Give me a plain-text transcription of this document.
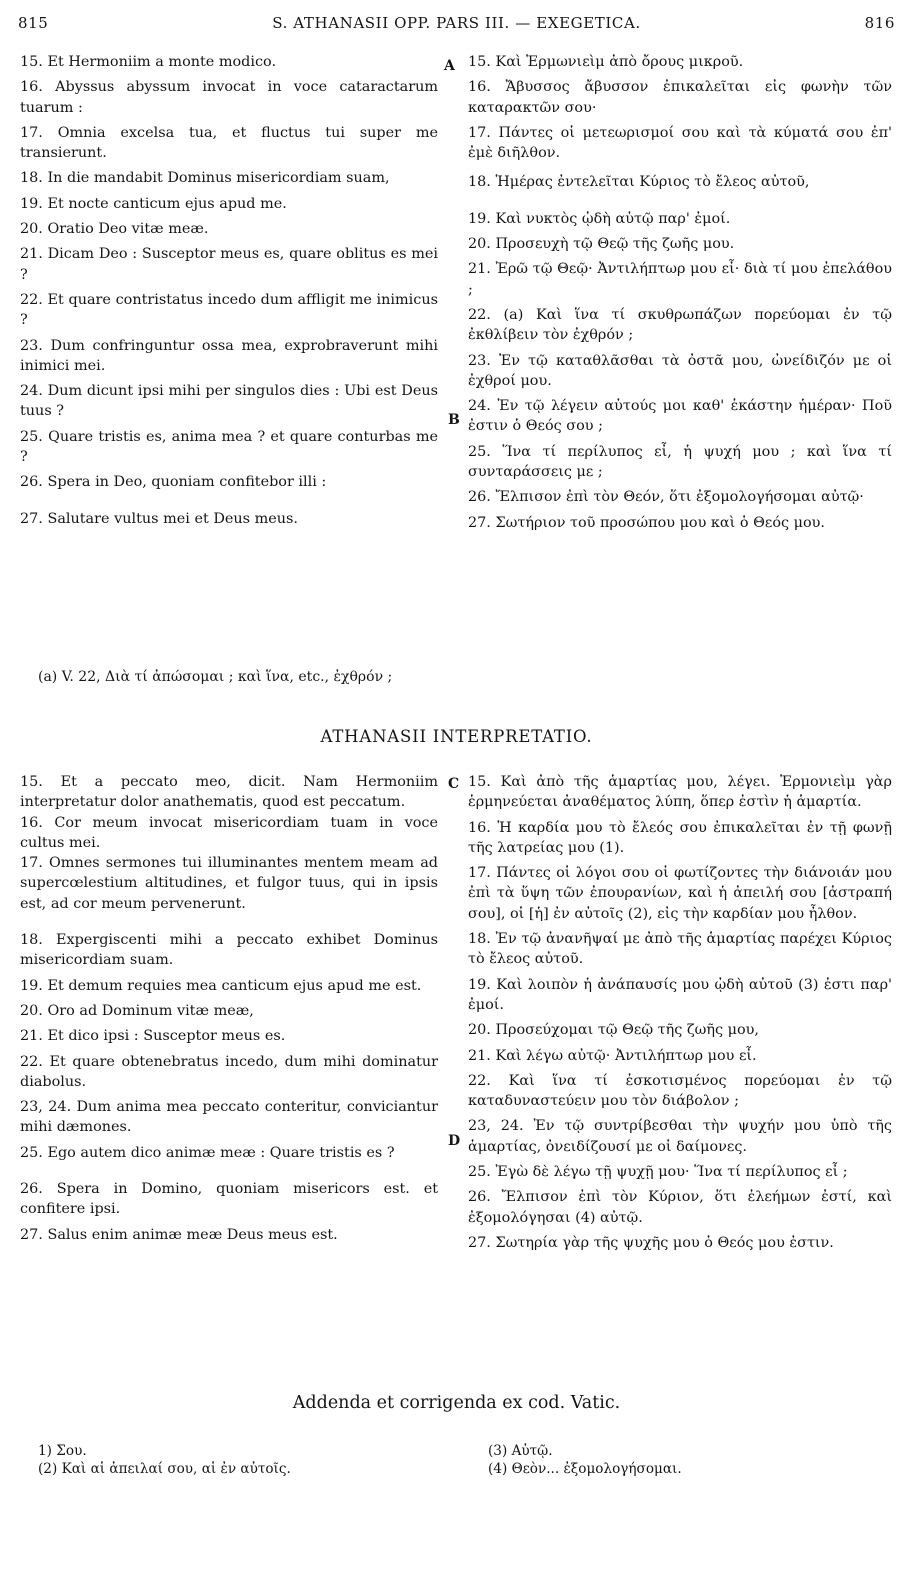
815	S. ATHANASII OPP. PARS III. — EXEGETICA.	816
A
B
C
D

15. Et Hermoniim a monte modico.

16. Abyssus abyssum invocat in voce cataractarum tuarum :

17. Omnia excelsa tua, et fluctus tui super me transierunt.

18. In die mandabit Dominus misericordiam suam,

19. Et nocte canticum ejus apud me.

20. Oratio Deo vitæ meæ.

21. Dicam Deo : Susceptor meus es, quare oblitus es mei ?

22. Et quare contristatus incedo dum affligit me inimicus ?

23. Dum confringuntur ossa mea, exprobraverunt mihi inimici mei.

24. Dum dicunt ipsi mihi per singulos dies : Ubi est Deus tuus ?

25. Quare tristis es, anima mea ? et quare conturbas me ?

26. Spera in Deo, quoniam confitebor illi :

27. Salutare vultus mei et Deus meus.

15. Καὶ Ἑρμωνιεὶμ ἀπὸ ὄρους μικροῦ.

16. Ἄβυσσος ἄβυσσον ἐπικαλεῖται εἰς φωνὴν τῶν καταρακτῶν σου·

17. Πάντες οἱ μετεωρισμοί σου καὶ τὰ κύματά σου ἐπ' ἐμὲ διῆλθον.

18. Ἡμέρας ἐντελεῖται Κύριος τὸ ἔλεος αὐτοῦ,

19. Καὶ νυκτὸς ᾠδὴ αὐτῷ παρ' ἐμοί.

20. Προσευχὴ τῷ Θεῷ τῆς ζωῆς μου.

21. Ἐρῶ τῷ Θεῷ· Ἀντιλήπτωρ μου εἶ· διὰ τί μου ἐπελάθου ;

22. (a) Καὶ ἵνα τί σκυθρωπάζων πορεύομαι ἐν τῷ ἐκθλίβειν τὸν ἐχθρόν ;

23. Ἐν τῷ καταθλᾶσθαι τὰ ὀστᾶ μου, ὠνείδιζόν με οἱ ἐχθροί μου.

24. Ἐν τῷ λέγειν αὐτούς μοι καθ' ἑκάστην ἡμέραν· Ποῦ ἐστιν ὁ Θεός σου ;

25. Ἵνα τί περίλυπος εἶ, ἡ ψυχή μου ; καὶ ἵνα τί συνταράσσεις με ;

26. Ἔλπισον ἐπὶ τὸν Θεόν, ὅτι ἐξομολογήσομαι αὐτῷ·

27. Σωτήριον τοῦ προσώπου μου καὶ ὁ Θεός μου.

(a) V. 22, Διὰ τί ἀπώσομαι ; καὶ ἵνα, etc., ἐχθρόν ;
ATHANASII INTERPRETATIO.

15. Et a peccato meo, dicit. Nam Hermoniim interpretatur dolor anathematis, quod est peccatum.

16. Cor meum invocat misericordiam tuam in voce cultus mei.

17. Omnes sermones tui illuminantes mentem meam ad supercœlestium altitudines, et fulgor tuus, qui in ipsis est, ad cor meum pervenerunt.

18. Expergiscenti mihi a peccato exhibet Dominus misericordiam suam.

19. Et demum requies mea canticum ejus apud me est.

20. Oro ad Dominum vitæ meæ,

21. Et dico ipsi : Susceptor meus es.

22. Et quare obtenebratus incedo, dum mihi dominatur diabolus.

23, 24. Dum anima mea peccato conteritur, conviciantur mihi dæmones.

25. Ego autem dico animæ meæ : Quare tristis es ?

26. Spera in Domino, quoniam misericors est. et confitere ipsi.

27. Salus enim animæ meæ Deus meus est.

15. Καὶ ἀπὸ τῆς ἁμαρτίας μου, λέγει. Ἑρμονιεὶμ γὰρ ἑρμηνεύεται ἀναθέματος λύπη, ὅπερ ἐστὶν ἡ ἁμαρτία.

16. Ἡ καρδία μου τὸ ἔλεός σου ἐπικαλεῖται ἐν τῇ φωνῇ τῆς λατρείας μου (1).

17. Πάντες οἱ λόγοι σου οἱ φωτίζοντες τὴν διάνοιάν μου ἐπὶ τὰ ὕψη τῶν ἐπουρανίων, καὶ ἡ ἀπειλή σου [ἀστραπή σου], οἱ [ἡ] ἐν αὐτοῖς (2), εἰς τὴν καρδίαν μου ἦλθον.

18. Ἐν τῷ ἀνανῆψαί με ἀπὸ τῆς ἁμαρτίας παρέχει Κύριος τὸ ἔλεος αὐτοῦ.

19. Καὶ λοιπὸν ἡ ἀνάπαυσίς μου ᾠδὴ αὐτοῦ (3) ἐστι παρ' ἐμοί.

20. Προσεύχομαι τῷ Θεῷ τῆς ζωῆς μου,

21. Καὶ λέγω αὐτῷ· Ἀντιλήπτωρ μου εἶ.

22. Καὶ ἵνα τί ἐσκοτισμένος πορεύομαι ἐν τῷ καταδυναστεύειν μου τὸν διάβολον ;

23, 24. Ἐν τῷ συντρίβεσθαι τὴν ψυχήν μου ὑπὸ τῆς ἁμαρτίας, ὀνειδίζουσί με οἱ δαίμονες.

25. Ἐγὼ δὲ λέγω τῇ ψυχῇ μου· Ἵνα τί περίλυπος εἶ ;

26. Ἔλπισον ἐπὶ τὸν Κύριον, ὅτι ἐλεήμων ἐστί, καὶ ἐξομολόγησαι (4) αὐτῷ.

27. Σωτηρία γὰρ τῆς ψυχῆς μου ὁ Θεός μου ἐστιν.

Addenda et corrigenda ex cod. Vatic.

1) Σου.

(2) Καὶ αἱ ἀπειλαί σου, αἱ ἐν αὐτοῖς.

(3) Αὐτῷ.

(4) Θεὸν... ἐξομολογήσομαι.
